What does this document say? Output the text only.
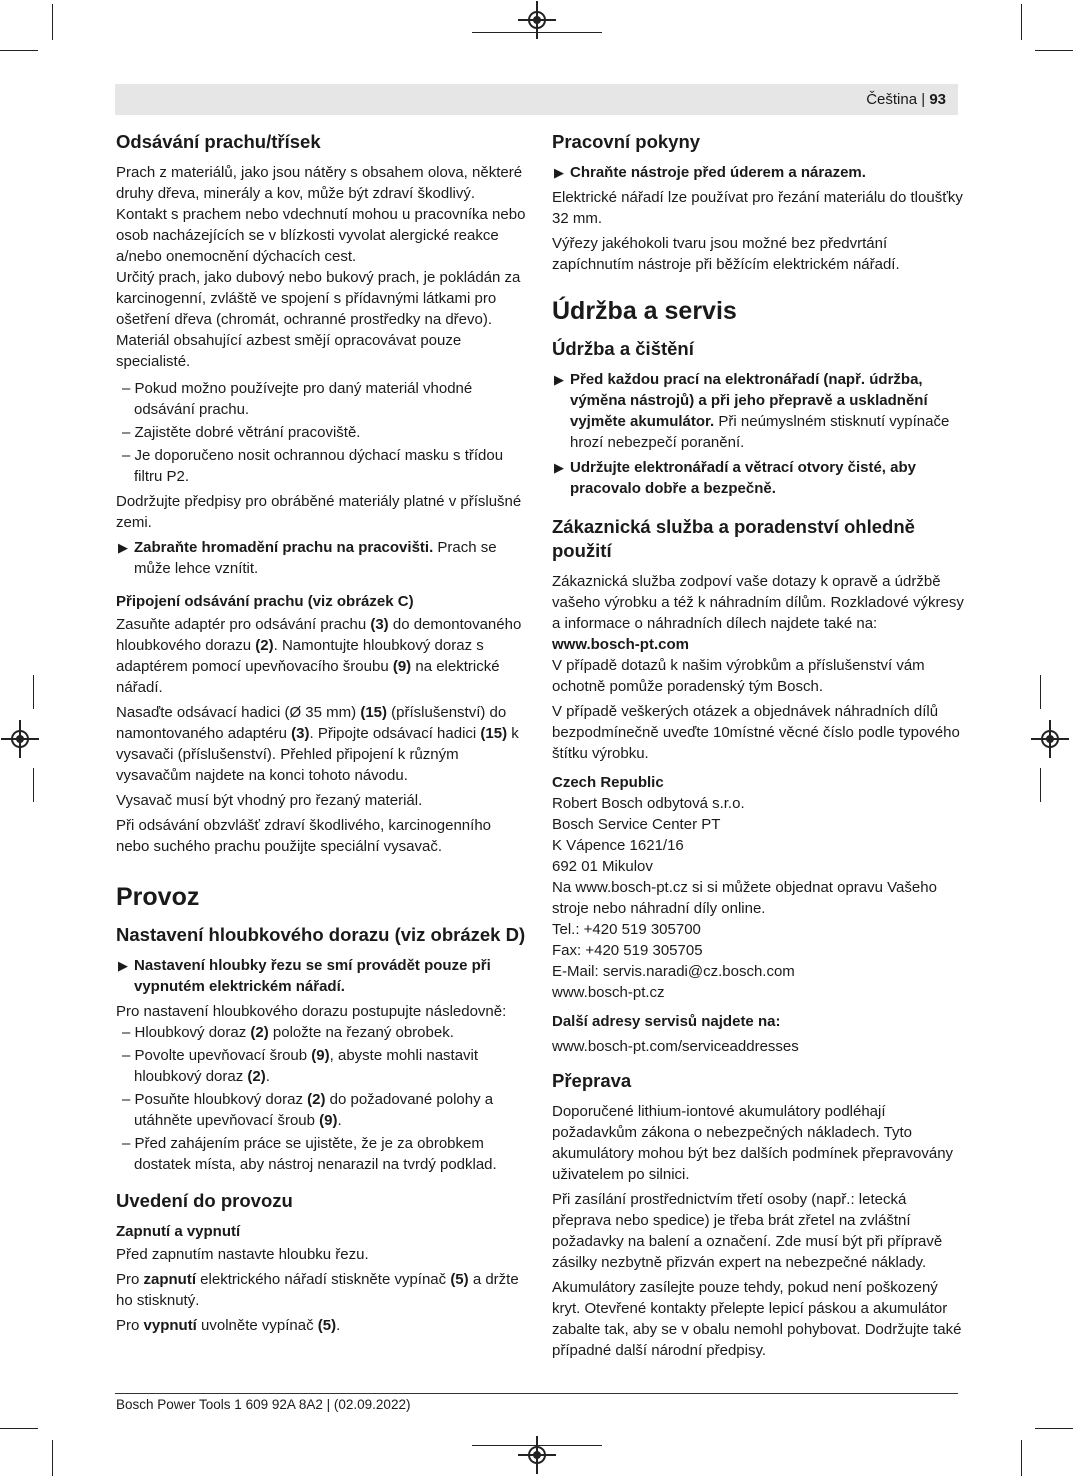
Čeština | 93
Odsávání prachu/třísek

Prach z materiálů, jako jsou nátěry s obsahem olova, některé druhy dřeva, minerály a kov, může být zdraví škodlivý. Kontakt s prachem nebo vdechnutí mohou u pracovníka nebo osob nacházejících se v blízkosti vyvolat alergické reakce a/nebo onemocnění dýchacích cest.

Určitý prach, jako dubový nebo bukový prach, je pokládán za karcinogenní, zvláště ve spojení s přídavnými látkami pro ošetření dřeva (chromát, ochranné prostředky na dřevo). Materiál obsahující azbest smějí opracovávat pouze specialisté.

– Pokud možno používejte pro daný materiál vhodné odsávání prachu.
– Zajistěte dobré větrání pracoviště.
– Je doporučeno nosit ochrannou dýchací masku s třídou filtru P2.

Dodržujte předpisy pro obráběné materiály platné v příslušné zemi.

▶ Zabraňte hromadění prachu na pracovišti. Prach se může lehce vznítit.
Připojení odsávání prachu (viz obrázek C)

Zasuňte adaptér pro odsávání prachu (3) do demontovaného hloubkového dorazu (2). Namontujte hloubkový doraz s adaptérem pomocí upevňovacího šroubu (9) na elektrické nářadí.

Nasaďte odsávací hadici (Ø 35 mm) (15) (příslušenství) do namontovaného adaptéru (3). Připojte odsávací hadici (15) k vysavači (příslušenství). Přehled připojení k různým vysavačům najdete na konci tohoto návodu.

Vysavač musí být vhodný pro řezaný materiál.

Při odsávání obzvlášť zdraví škodlivého, karcinogenního nebo suchého prachu použijte speciální vysavač.

Provoz
Nastavení hloubkového dorazu (viz obrázek D)
▶ Nastavení hloubky řezu se smí provádět pouze při vypnutém elektrickém nářadí.

Pro nastavení hloubkového dorazu postupujte následovně:

– Hloubkový doraz (2) položte na řezaný obrobek.
– Povolte upevňovací šroub (9), abyste mohli nastavit hloubkový doraz (2).
– Posuňte hloubkový doraz (2) do požadované polohy a utáhněte upevňovací šroub (9).
– Před zahájením práce se ujistěte, že je za obrobkem dostatek místa, aby nástroj nenarazil na tvrdý podklad.
Uvedení do provozu
Zapnutí a vypnutí

Před zapnutím nastavte hloubku řezu.

Pro zapnutí elektrického nářadí stiskněte vypínač (5) a držte ho stisknutý.

Pro vypnutí uvolněte vypínač (5).

Pracovní pokyny
▶ Chraňte nástroje před úderem a nárazem.

Elektrické nářadí lze používat pro řezání materiálu do tloušťky 32 mm.

Výřezy jakéhokoli tvaru jsou možné bez předvrtání zapíchnutím nástroje při běžícím elektrickém nářadí.

Údržba a servis
Údržba a čištění
▶ Před každou prací na elektronářadí (např. údržba, výměna nástrojů) a při jeho přepravě a uskladnění vyjměte akumulátor. Při neúmyslném stisknutí vypínače hrozí nebezpečí poranění.
▶ Udržujte elektronářadí a větrací otvory čisté, aby pracovalo dobře a bezpečně.
Zákaznická služba a poradenství ohledně použití

Zákaznická služba zodpoví vaše dotazy k opravě a údržbě vašeho výrobku a též k náhradním dílům. Rozkladové výkresy a informace o náhradních dílech najdete také na:

www.bosch-pt.com

V případě dotazů k našim výrobkům a příslušenství vám ochotně pomůže poradenský tým Bosch.

V případě veškerých otázek a objednávek náhradních dílů bezpodmínečně uveďte 10místné věcné číslo podle typového štítku výrobku.

Czech Republic

Robert Bosch odbytová s.r.o.

Bosch Service Center PT

K Vápence 1621/16

692 01 Mikulov

Na www.bosch-pt.cz si si můžete objednat opravu Vašeho stroje nebo náhradní díly online.

Tel.: +420 519 305700

Fax: +420 519 305705

E-Mail: servis.naradi@cz.bosch.com

www.bosch-pt.cz

Další adresy servisů najdete na:

www.bosch-pt.com/serviceaddresses

Přeprava

Doporučené lithium-iontové akumulátory podléhají požadavkům zákona o nebezpečných nákladech. Tyto akumulátory mohou být bez dalších podmínek přepravovány uživatelem po silnici.

Při zasílání prostřednictvím třetí osoby (např.: letecká přeprava nebo spedice) je třeba brát zřetel na zvláštní požadavky na balení a označení. Zde musí být při přípravě zásilky nezbytně přizván expert na nebezpečné náklady.

Akumulátory zasílejte pouze tehdy, pokud není poškozený kryt. Otevřené kontakty přelepte lepicí páskou a akumulátor zabalte tak, aby se v obalu nemohl pohybovat. Dodržujte také případné další národní předpisy.

Bosch Power Tools 1 609 92A 8A2 | (02.09.2022)
